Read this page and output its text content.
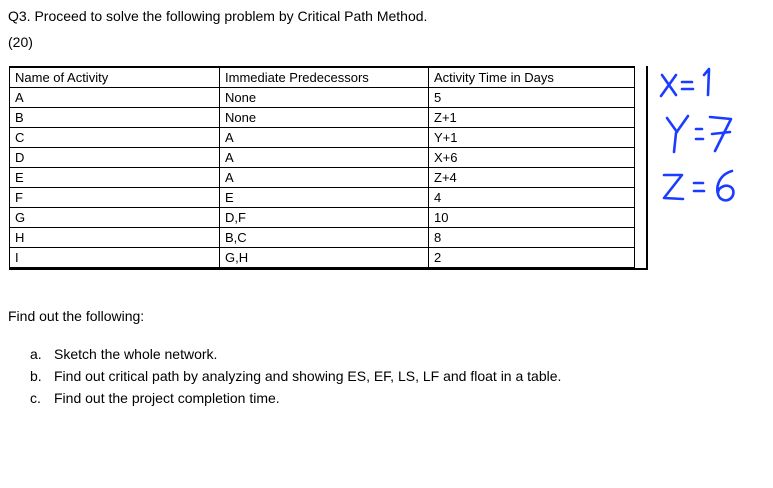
Q3. Proceed to solve the following problem by Critical Path Method.
(20)
Name of Activity	Immediate Predecessors	Activity Time in Days
A	None	5
B	None	Z+1
C	A	Y+1
D	A	X+6
E	A	Z+4
F	E	4
G	D,F	10
H	B,C	8
I	G,H	2
Find out the following:
a. Sketch the whole network.
b. Find out critical path by analyzing and showing ES, EF, LS, LF and float in a table.
c. Find out the project completion time.
